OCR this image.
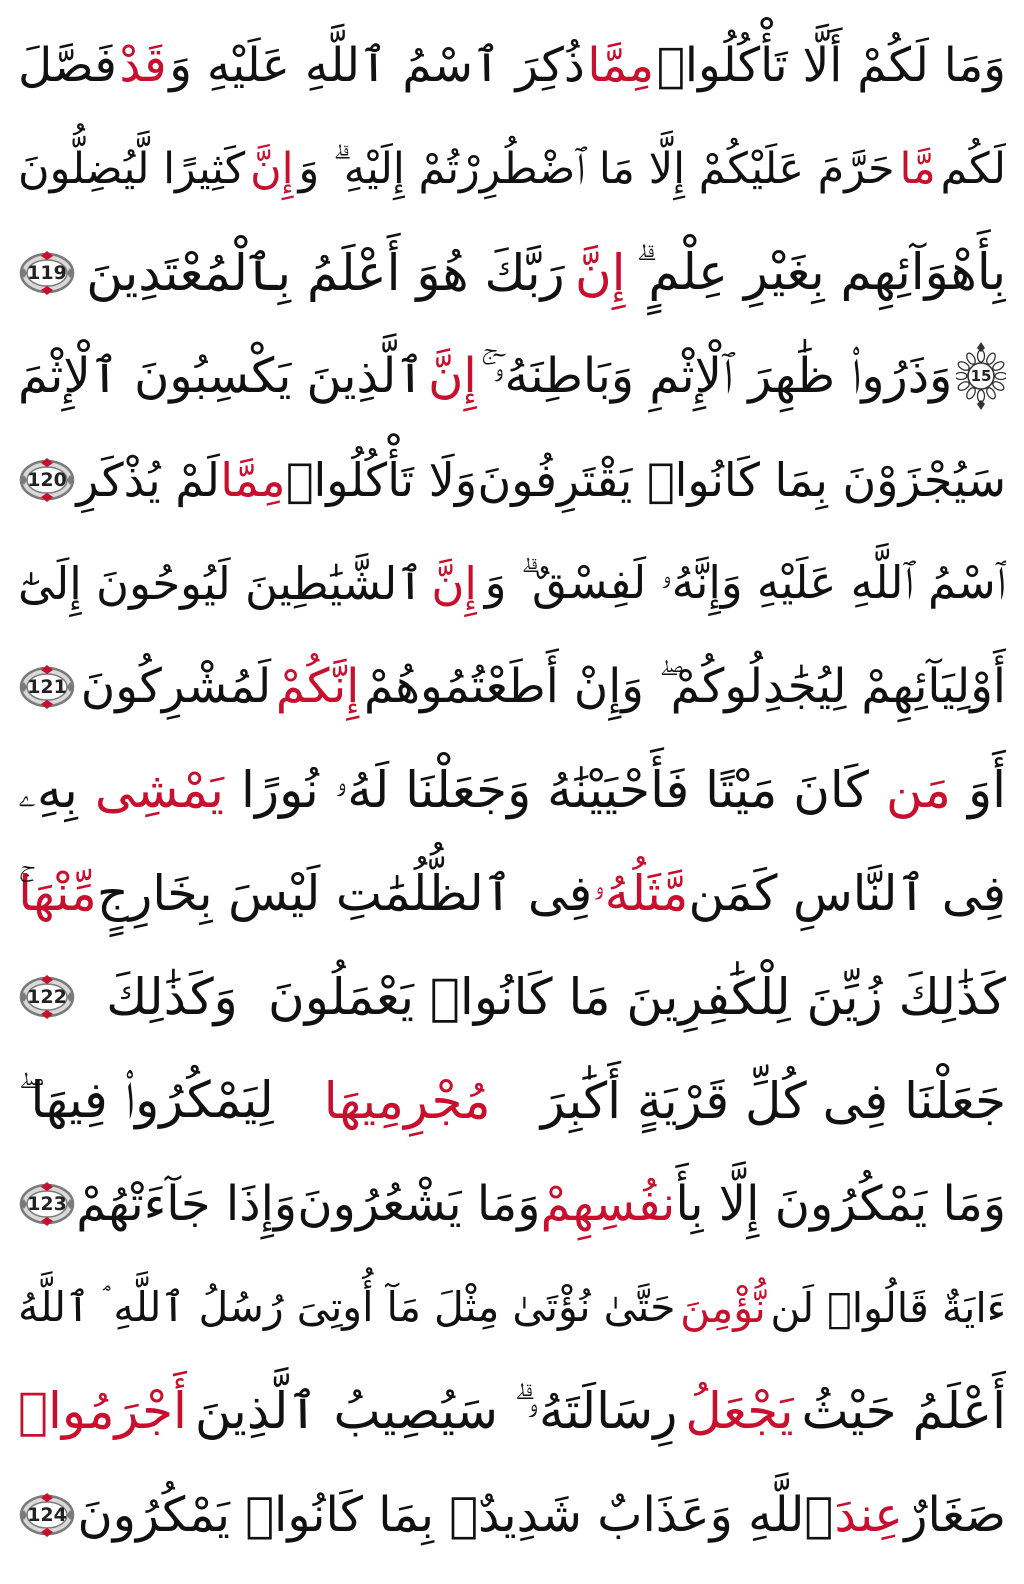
وَمَا لَكُمْ أَلَّا تَأْكُلُوا۟
مِمَّا
ذُكِرَ ٱسْمُ ٱللَّهِ عَلَيْهِ وَ
قَدْ
فَصَّلَ
لَكُم
مَّا
حَرَّمَ عَلَيْكُمْ إِلَّا مَا ٱضْطُرِرْتُمْ إِلَيْهِ ۗ وَ
إِنَّ
كَثِيرًا لَّيُضِلُّونَ
بِأَهْوَآئِهِم بِغَيْرِ عِلْمٍ ۗ
إِنَّ
رَبَّكَ هُوَ أَعْلَمُ بِٱلْمُعْتَدِينَ
119
15
وَذَرُوا۟ ظَٰهِرَ ٱلْإِثْمِ وَبَاطِنَهُۥٓ ۚ
إِنَّ
ٱلَّذِينَ يَكْسِبُونَ ٱلْإِثْمَ
سَيُجْزَوْنَ بِمَا كَانُوا۟ يَقْتَرِفُونَ
وَلَا تَأْكُلُوا۟
مِمَّا
لَمْ يُذْكَرِ
120
ٱسْمُ ٱللَّهِ عَلَيْهِ وَإِنَّهُۥ لَفِسْقٌ ۗ وَ
إِنَّ
ٱلشَّيَٰطِينَ لَيُوحُونَ إِلَىٰٓ
أَوْلِيَآئِهِمْ لِيُجَٰدِلُوكُمْ ۖ وَإِنْ أَطَعْتُمُوهُمْ
إِنَّكُمْ
لَمُشْرِكُونَ
121
أَوَ
مَن
كَانَ مَيْتًا فَأَحْيَيْنَٰهُ وَجَعَلْنَا لَهُۥ نُورًا
يَمْشِى
بِهِۦ
فِى ٱلنَّاسِ كَمَن
مَّثَلُهُۥ
فِى ٱلظُّلُمَٰتِ لَيْسَ بِخَارِجٍ
مِّنْهَا
كَذَٰلِكَ زُيِّنَ لِلْكَٰفِرِينَ مَا كَانُوا۟ يَعْمَلُونَ
وَكَذَٰلِكَ
122
جَعَلْنَا فِى كُلِّ قَرْيَةٍ أَكَٰبِرَ
مُجْرِمِيهَا
لِيَمْكُرُوا۟ فِيهَا ۖ
وَمَا يَمْكُرُونَ إِلَّا بِأَ
نفُسِهِمْ
وَمَا يَشْعُرُونَ
وَإِذَا جَآءَتْهُمْ
123
ءَايَةٌ قَالُوا۟ لَن
نُّؤْمِنَ
حَتَّىٰ نُؤْتَىٰ مِثْلَ مَآ أُوتِىَ رُسُلُ ٱللَّهِ ۘ ٱللَّهُ
أَعْلَمُ حَيْثُ
يَجْعَلُ
رِسَالَتَهُۥ ۗ سَيُصِيبُ ٱلَّذِينَ
أَجْرَمُوا۟
صَغَارٌ
عِندَ
ٱللَّهِ وَعَذَابٌ شَدِيدٌۢ بِمَا كَانُوا۟ يَمْكُرُونَ
124
